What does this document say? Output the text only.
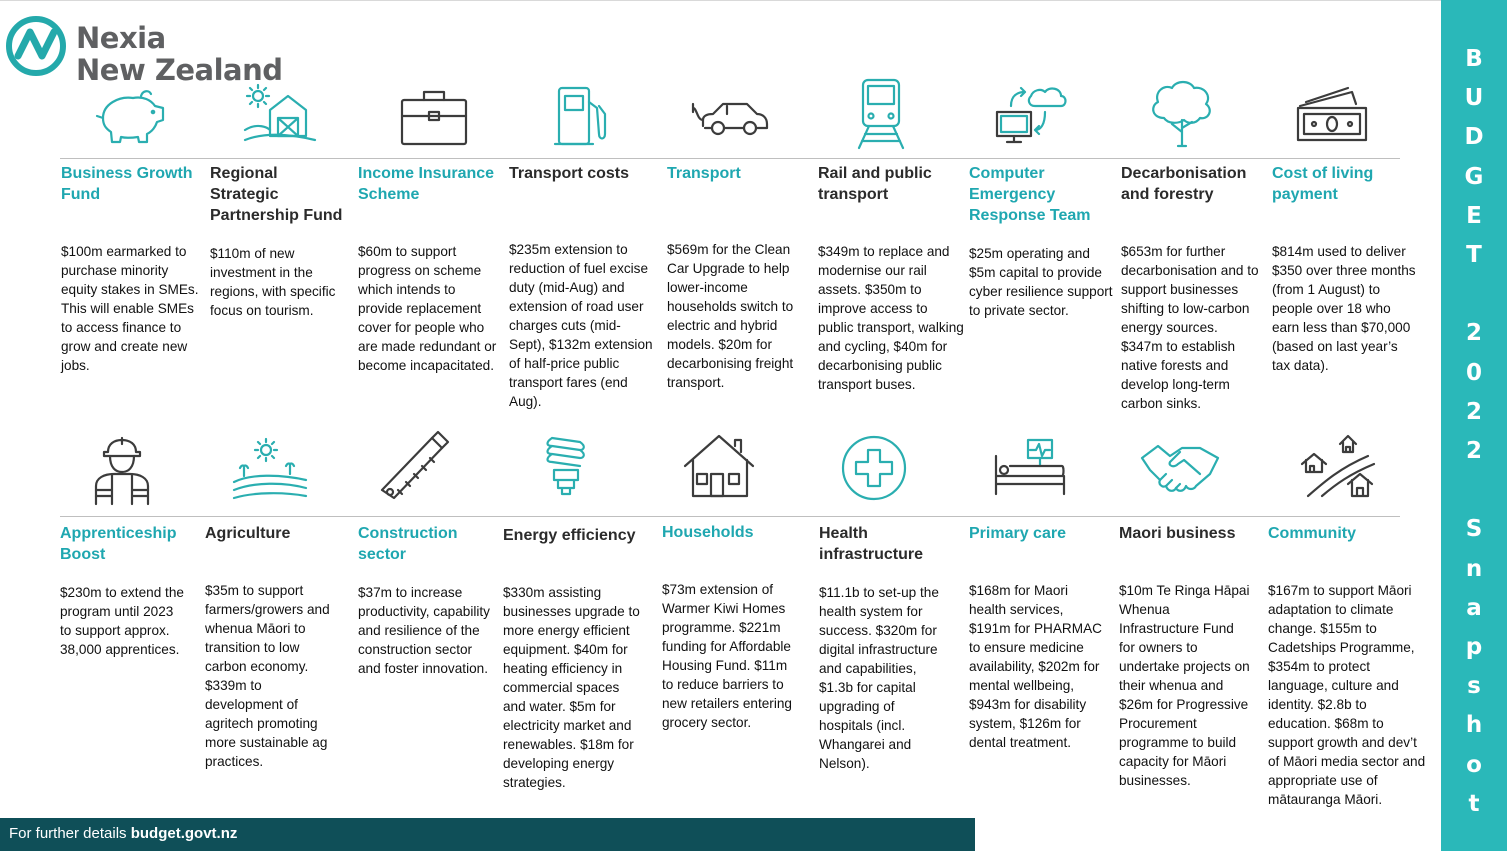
Nexia
New Zealand
Business Growth Fund
$100m earmarked to purchase minority equity stakes in SMEs. This will enable SMEs to access finance to grow and create new jobs.
Regional Strategic Partnership Fund
$110m of new investment in the regions, with specific focus on tourism.
Income Insurance Scheme
$60m to support progress on scheme which intends to provide replacement cover for people who are made redundant or become incapacitated.
Transport costs
$235m extension to reduction of fuel excise duty (mid-Aug) and extension of road user charges cuts (mid-Sept), $132m extension of half-price public transport fares (end Aug).
Transport
$569m for the Clean Car Upgrade to help lower-income households switch to electric and hybrid models. $20m for decarbonising freight transport.
Rail and public transport
$349m to replace and modernise our rail assets. $350m to improve access to public transport, walking and cycling, $40m for decarbonising public transport buses.
Computer Emergency Response Team
$25m operating and $5m capital to provide cyber resilience support to private sector.
Decarbonisation and forestry
$653m for further decarbonisation and to support businesses shifting to low-carbon energy sources. $347m to establish native forests and develop long-term carbon sinks.
Cost of living payment
$814m used to deliver $350 over three months (from 1 August) to people over 18 who earn less than $70,000 (based on last year’s tax data).
Apprenticeship Boost
$230m to extend the program until 2023 to support approx. 38,000 apprentices.
Agriculture
$35m to support farmers/growers and whenua Māori to transition to low carbon economy. $339m to development of agritech promoting more sustainable ag practices.
Construction sector
$37m to increase productivity, capability and resilience of the construction sector and foster innovation.
Energy efficiency
$330m assisting businesses upgrade to more energy efficient equipment. $40m for heating efficiency in commercial spaces and water. $5m for electricity market and renewables. $18m for developing energy strategies.
Households
$73m extension of Warmer Kiwi Homes programme. $221m funding for Affordable Housing Fund. $11m to reduce barriers to new retailers entering grocery sector.
Health infrastructure
$11.1b to set-up the health system for success. $320m for digital infrastructure and capabilities, $1.3b for capital upgrading of hospitals (incl. Whangarei and Nelson).
Primary care
$168m for Maori health services, $191m for PHARMAC to ensure medicine availability, $202m for mental wellbeing, $943m for disability system, $126m for dental treatment.
Maori business
$10m Te Ringa Hāpai Whenua Infrastructure Fund for owners to undertake projects on their whenua and $26m for Progressive Procurement programme to build capacity for Māori businesses.
Community
$167m to support Māori adaptation to climate change. $155m to Cadetships Programme, $354m to protect language, culture and identity. $2.8b to education. $68m to support growth and dev’t of Māori media sector and appropriate use of mātauranga Māori.
For further details budget.govt.nz
B
U
D
G
E
T

2
0
2
2

S
n
a
p
s
h
o
t
